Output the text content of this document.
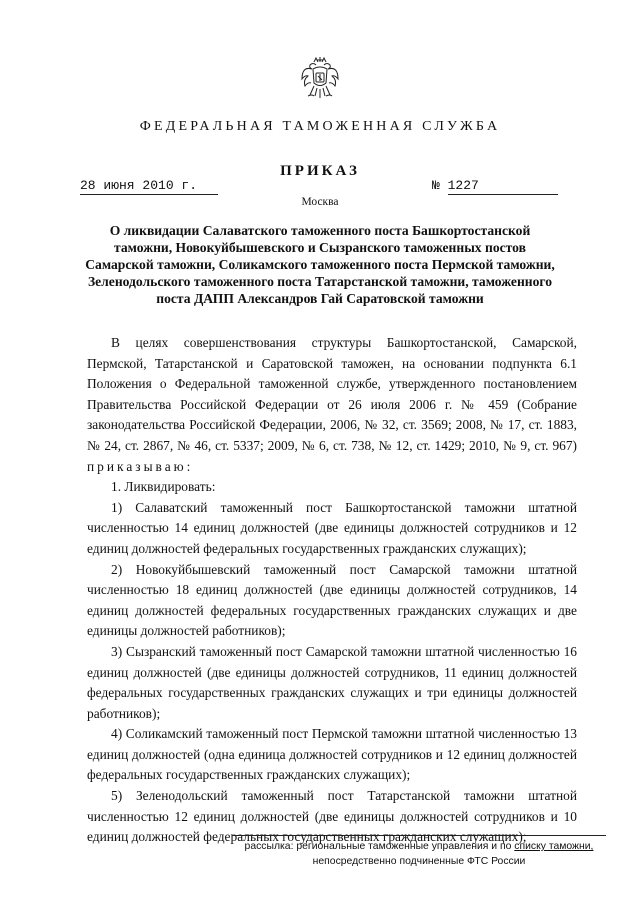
ФЕДЕРАЛЬНАЯ ТАМОЖЕННАЯ СЛУЖБА
ПРИКАЗ
28 июня 2010 г.	№ 1227
Москва
О ликвидации Салаватского таможенного поста Башкортостанской
таможни, Новокуйбышевского и Сызранского таможенных постов
Самарской таможни, Соликамского таможенного поста Пермской таможни,
Зеленодольского таможенного поста Татарстанской таможни, таможенного
поста ДАПП Александров Гай Саратовской таможни

В целях совершенствования структуры Башкортостанской, Самарской, Пермской, Татарстанской и Саратовской таможен, на основании подпункта 6.1 Положения о Федеральной таможенной службе, утвержденного постановлением Правительства Российской Федерации от 26 июля 2006 г. № 459 (Собрание законодательства Российской Федерации, 2006, № 32, ст. 3569; 2008, № 17, ст. 1883, № 24, ст. 2867, № 46, ст. 5337; 2009, № 6, ст. 738, № 12, ст. 1429; 2010, № 9, ст. 967) приказываю:

1. Ликвидировать:

1) Салаватский таможенный пост Башкортостанской таможни штатной численностью 14 единиц должностей (две единицы должностей сотрудников и 12 единиц должностей федеральных государственных гражданских служащих);

2) Новокуйбышевский таможенный пост Самарской таможни штатной численностью 18 единиц должностей (две единицы должностей сотрудников, 14 единиц должностей федеральных государственных гражданских служащих и две единицы должностей работников);

3) Сызранский таможенный пост Самарской таможни штатной численностью 16 единиц должностей (две единицы должностей сотрудников, 11 единиц должностей федеральных государственных гражданских служащих и три единицы должностей работников);

4) Соликамский таможенный пост Пермской таможни штатной численностью 13 единиц должностей (одна единица должностей сотрудников и 12 единиц должностей федеральных государственных гражданских служащих);

5) Зеленодольский таможенный пост Татарстанской таможни штатной численностью 12 единиц должностей (две единицы должностей сотрудников и 10 единиц должностей федеральных государственных гражданских служащих);

рассылка: региональные таможенные управления и по списку таможни,
непосредственно подчиненные ФТС России
